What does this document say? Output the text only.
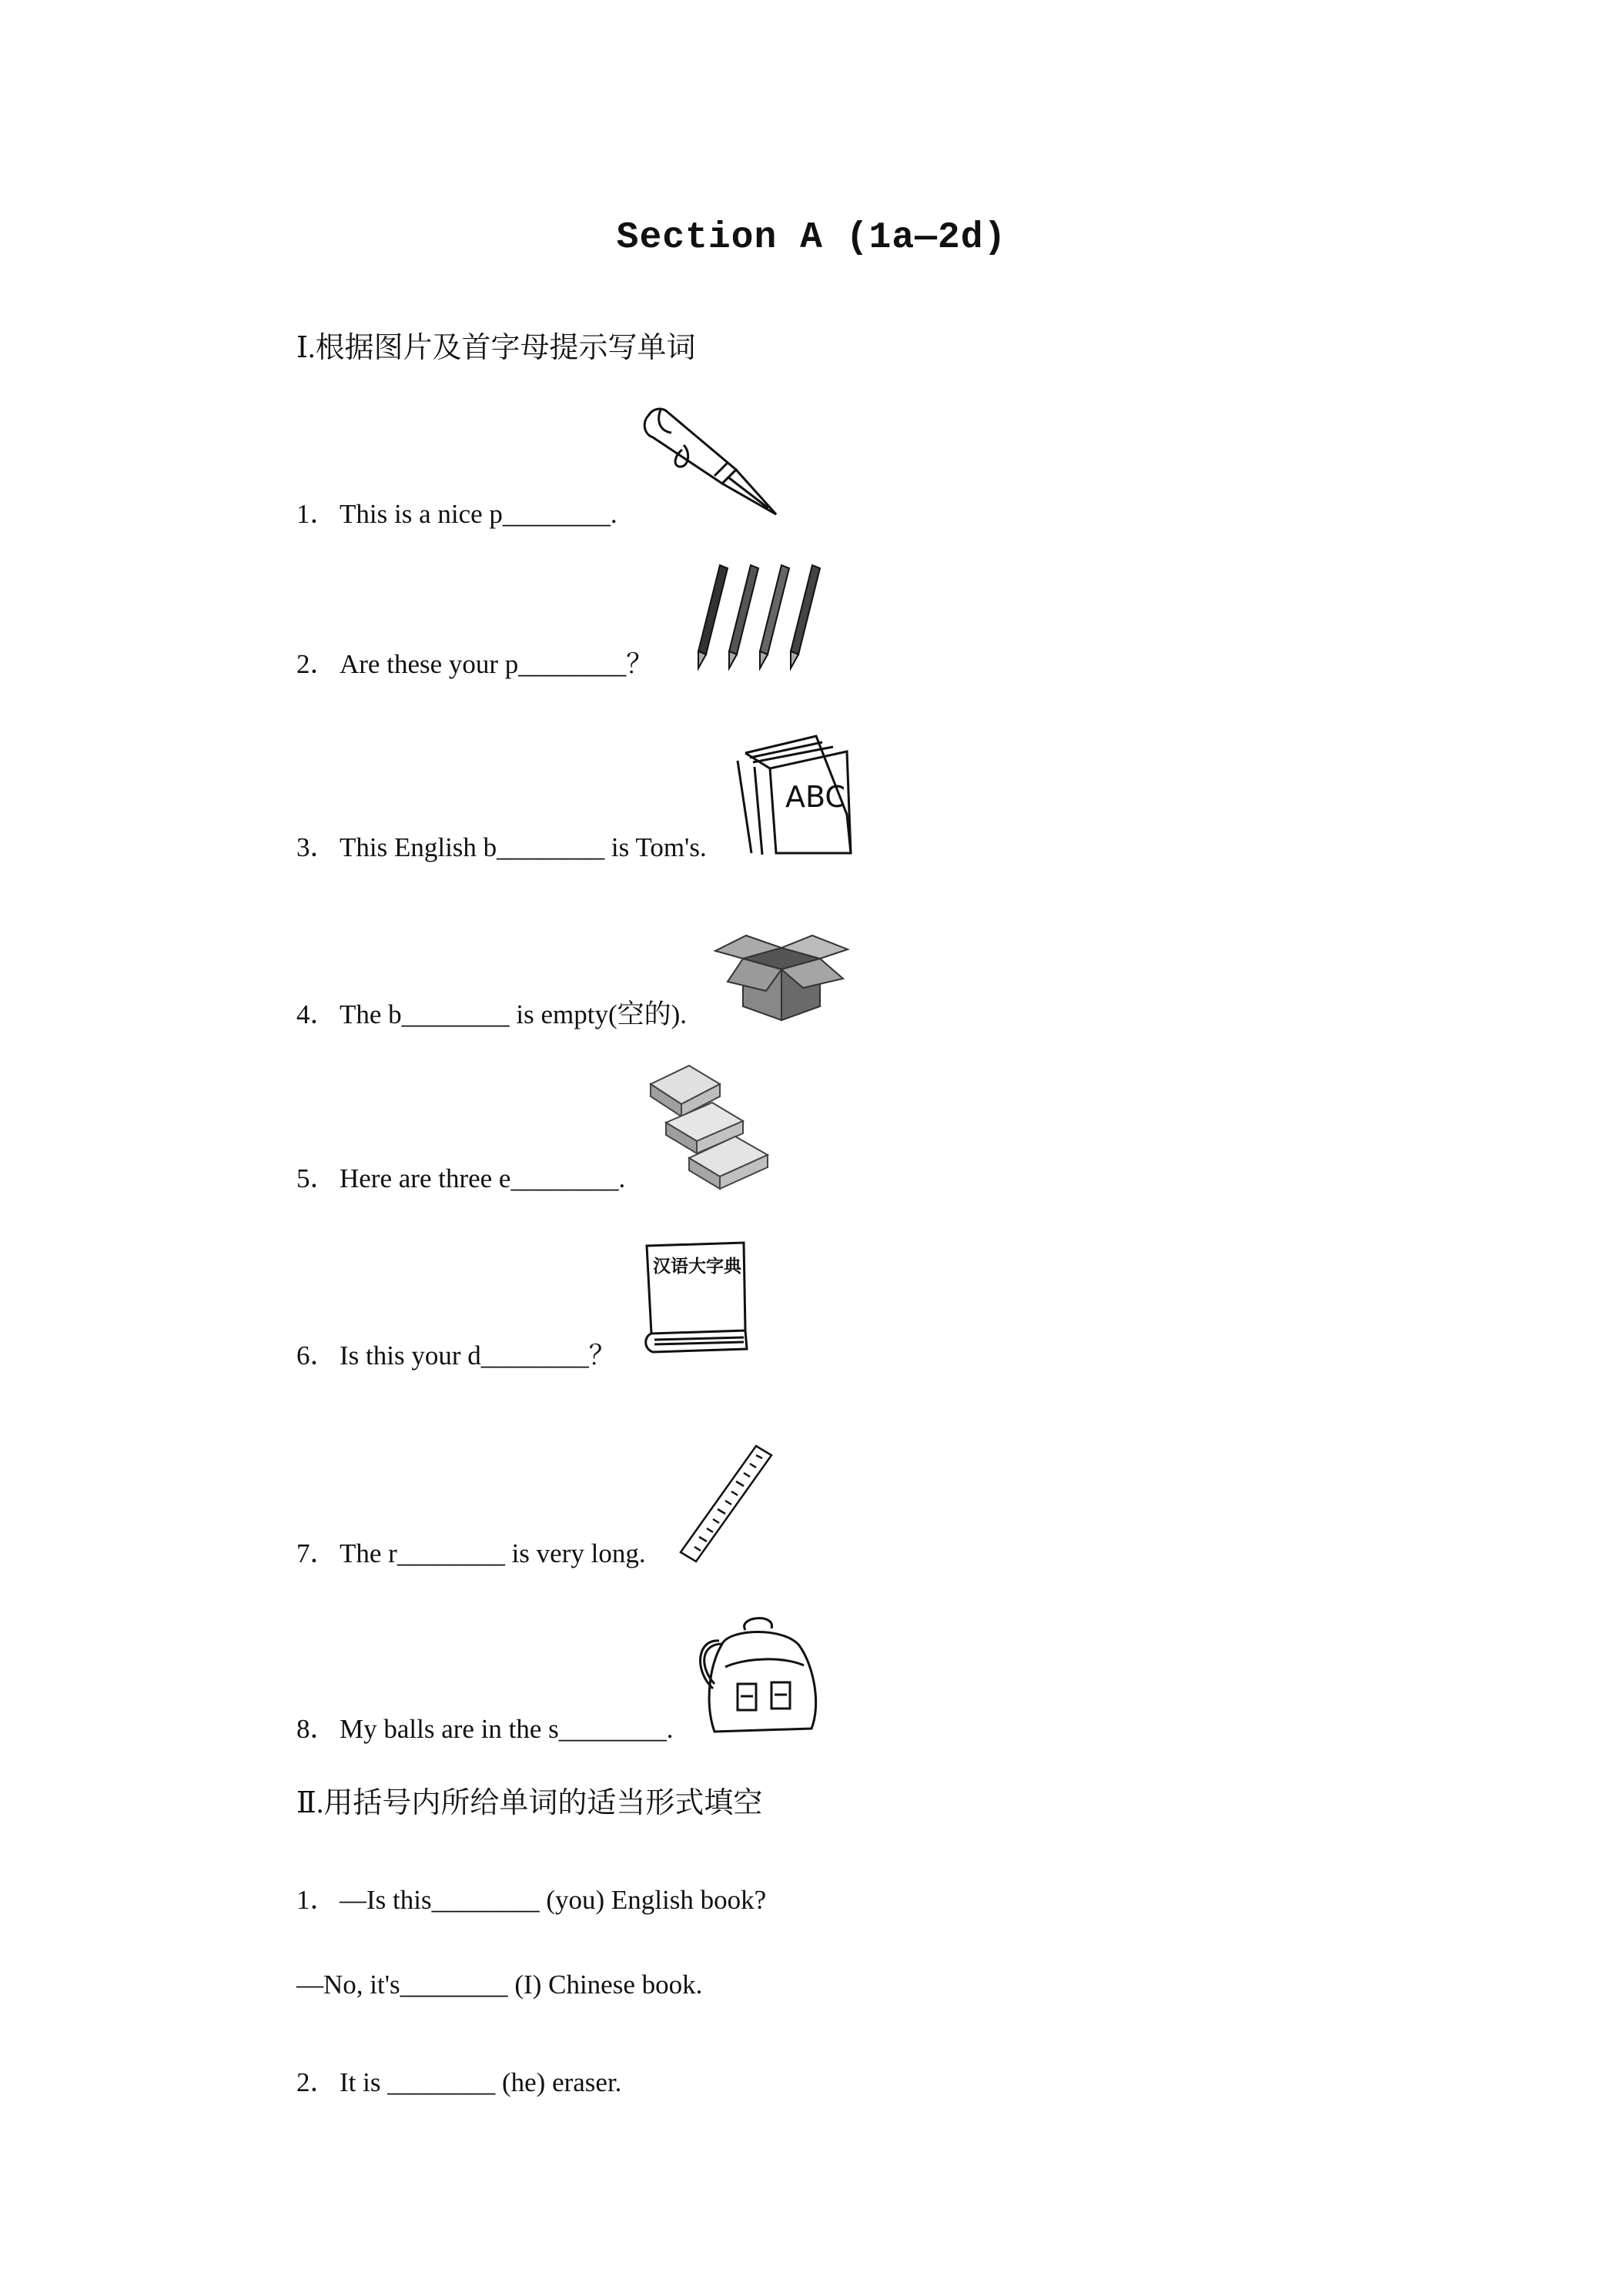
Section A (1a—2d)
Ⅰ.根据图片及首字母提示写单词
1．This is a nice p________.
2．Are these your p________？
3．This English b________ is Tom's.
ABC
4．The b________ is empty(空的).
5．Here are three e________.
6．Is this your d________？
汉语大字典
7．The r________ is very long.
8．My balls are in the s________.
Ⅱ.用括号内所给单词的适当形式填空
1．—Is this________ (you) English book?
—No, it's________ (I) Chinese book.
2．It is ________ (he) eraser.
